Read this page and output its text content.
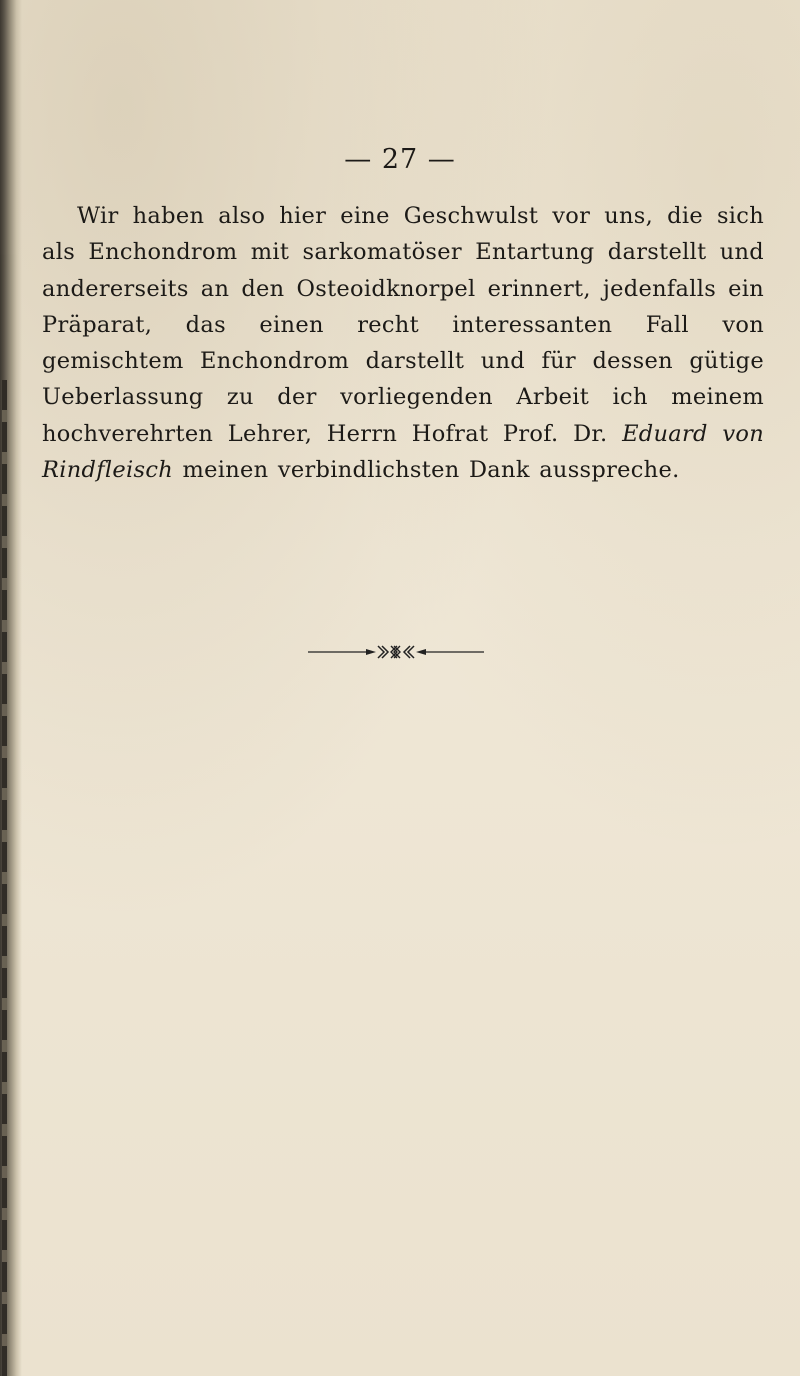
— 27 —

Wir haben also hier eine Geschwulst vor uns, die sich als Enchondrom mit sarkomatöser Entartung darstellt und andererseits an den Osteoidknorpel erinnert, jedenfalls ein Präparat, das einen recht interessanten Fall von gemischtem Enchondrom darstellt und für dessen gütige Ueberlassung zu der vorliegenden Arbeit ich meinem hochverehrten Lehrer, Herrn Hofrat Prof. Dr. Eduard von Rindfleisch meinen verbindlichsten Dank ausspreche.
